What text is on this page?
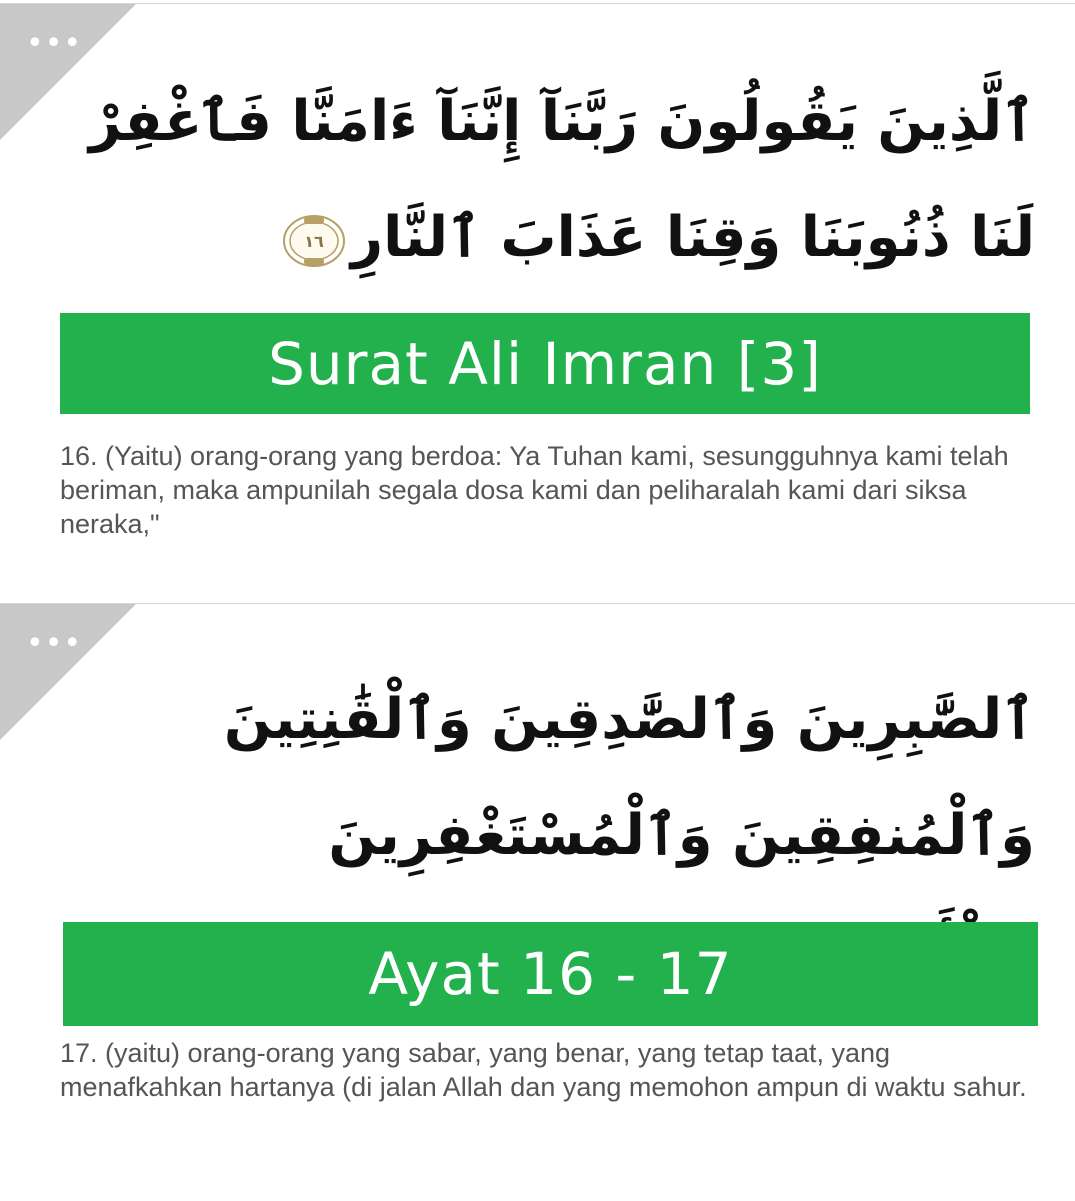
•••
ٱلَّذِينَ يَقُولُونَ رَبَّنَآ إِنَّنَآ ءَامَنَّا فَٱغْفِرْ لَنَا ذُنُوبَنَا وَقِنَا عَذَابَ ٱلنَّارِ
١٦
Surat Ali Imran [3]
16. (Yaitu) orang-orang yang berdoa: Ya Tuhan kami, sesungguhnya kami telah beriman, maka ampunilah segala dosa kami dan peliharalah kami dari siksa neraka,"
•••
ٱلصَّٰبِرِينَ وَٱلصَّٰدِقِينَ وَٱلْقَٰنِتِينَ وَٱلْمُنفِقِينَ وَٱلْمُسْتَغْفِرِينَ
Ayat 16 - 17
17. (yaitu) orang-orang yang sabar, yang benar, yang tetap taat, yang menafkahkan hartanya (di jalan Allah dan yang memohon ampun di waktu sahur.
